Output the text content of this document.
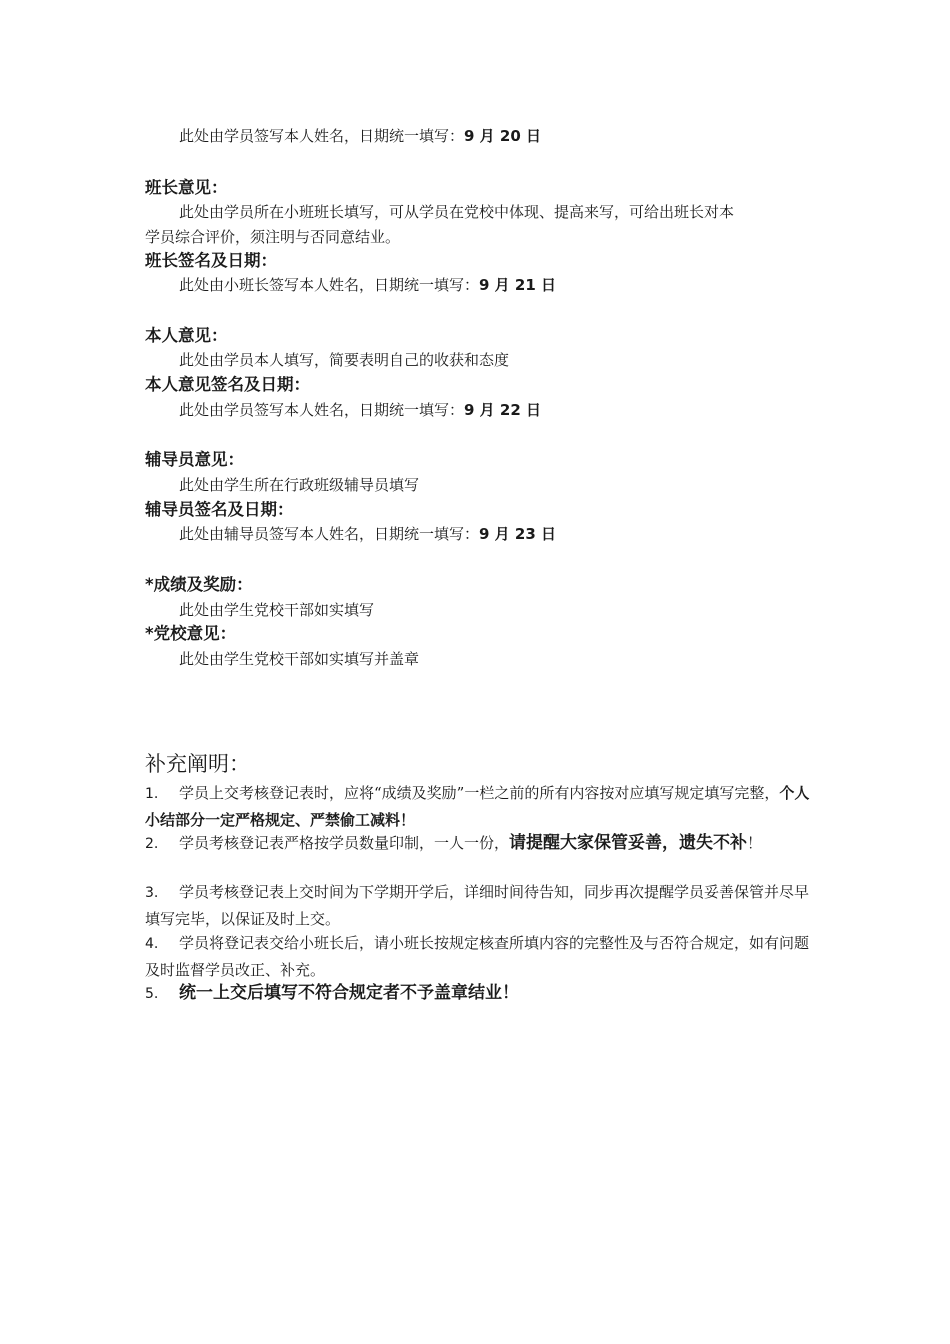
此处由学员签写本人姓名，日期统一填写：9 月 20 日
班长意见：
此处由学员所在小班班长填写，可从学员在党校中体现、提高来写，可给出班长对本
学员综合评价，须注明与否同意结业。
班长签名及日期：
此处由小班长签写本人姓名，日期统一填写：9 月 21 日
本人意见：
此处由学员本人填写，简要表明自己的收获和态度
本人意见签名及日期：
此处由学员签写本人姓名，日期统一填写：9 月 22 日
辅导员意见：
此处由学生所在行政班级辅导员填写
辅导员签名及日期：
此处由辅导员签写本人姓名，日期统一填写：9 月 23 日
*成绩及奖励：
此处由学生党校干部如实填写
*党校意见：
此处由学生党校干部如实填写并盖章
补充阐明：
1. 学员上交考核登记表时，应将“成绩及奖励”一栏之前的所有内容按对应填写规定填写完整，个人小结部分一定严格规定、严禁偷工减料！
2. 学员考核登记表严格按学员数量印制，一人一份，请提醒大家保管妥善，遗失不补！
3. 学员考核登记表上交时间为下学期开学后，详细时间待告知，同步再次提醒学员妥善保管并尽早填写完毕，以保证及时上交。
4. 学员将登记表交给小班长后，请小班长按规定核查所填内容的完整性及与否符合规定，如有问题及时监督学员改正、补充。
5. 统一上交后填写不符合规定者不予盖章结业！
